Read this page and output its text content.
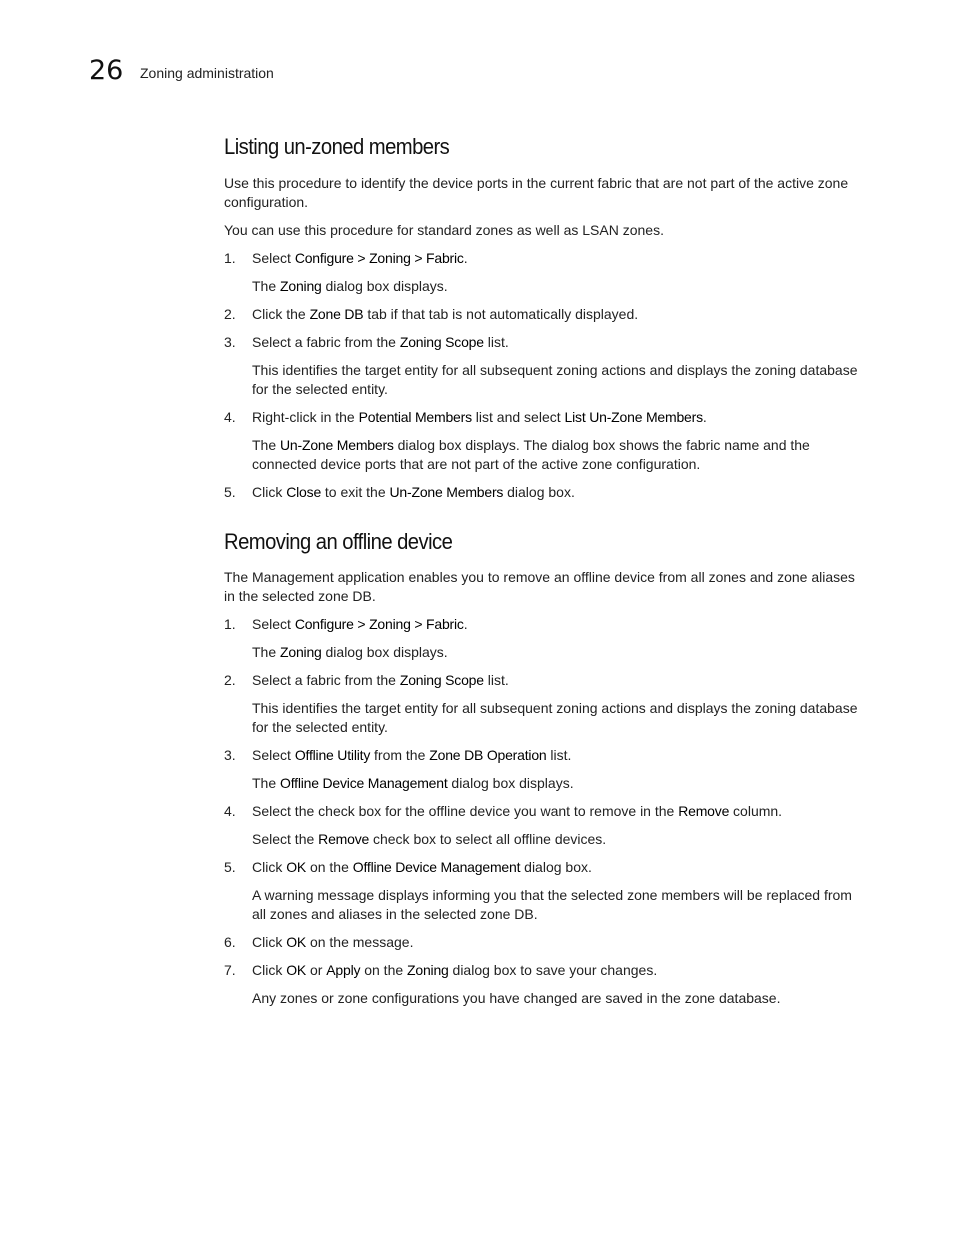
26 Zoning administration
Listing un-zoned members

Use this procedure to identify the device ports in the current fabric that are not part of the active zone configuration.

You can use this procedure for standard zones as well as LSAN zones.

1. Select Configure > Zoning > Fabric.

The Zoning dialog box displays.

2. Click the Zone DB tab if that tab is not automatically displayed.

3. Select a fabric from the Zoning Scope list.

This identifies the target entity for all subsequent zoning actions and displays the zoning database for the selected entity.

4. Right-click in the Potential Members list and select List Un-Zone Members.

The Un-Zone Members dialog box displays. The dialog box shows the fabric name and the connected device ports that are not part of the active zone configuration.

5. Click Close to exit the Un-Zone Members dialog box.

Removing an offline device

The Management application enables you to remove an offline device from all zones and zone aliases in the selected zone DB.

1. Select Configure > Zoning > Fabric.

The Zoning dialog box displays.

2. Select a fabric from the Zoning Scope list.

This identifies the target entity for all subsequent zoning actions and displays the zoning database for the selected entity.

3. Select Offline Utility from the Zone DB Operation list.

The Offline Device Management dialog box displays.

4. Select the check box for the offline device you want to remove in the Remove column.

Select the Remove check box to select all offline devices.

5. Click OK on the Offline Device Management dialog box.

A warning message displays informing you that the selected zone members will be replaced from all zones and aliases in the selected zone DB.

6. Click OK on the message.

7. Click OK or Apply on the Zoning dialog box to save your changes.

Any zones or zone configurations you have changed are saved in the zone database.
